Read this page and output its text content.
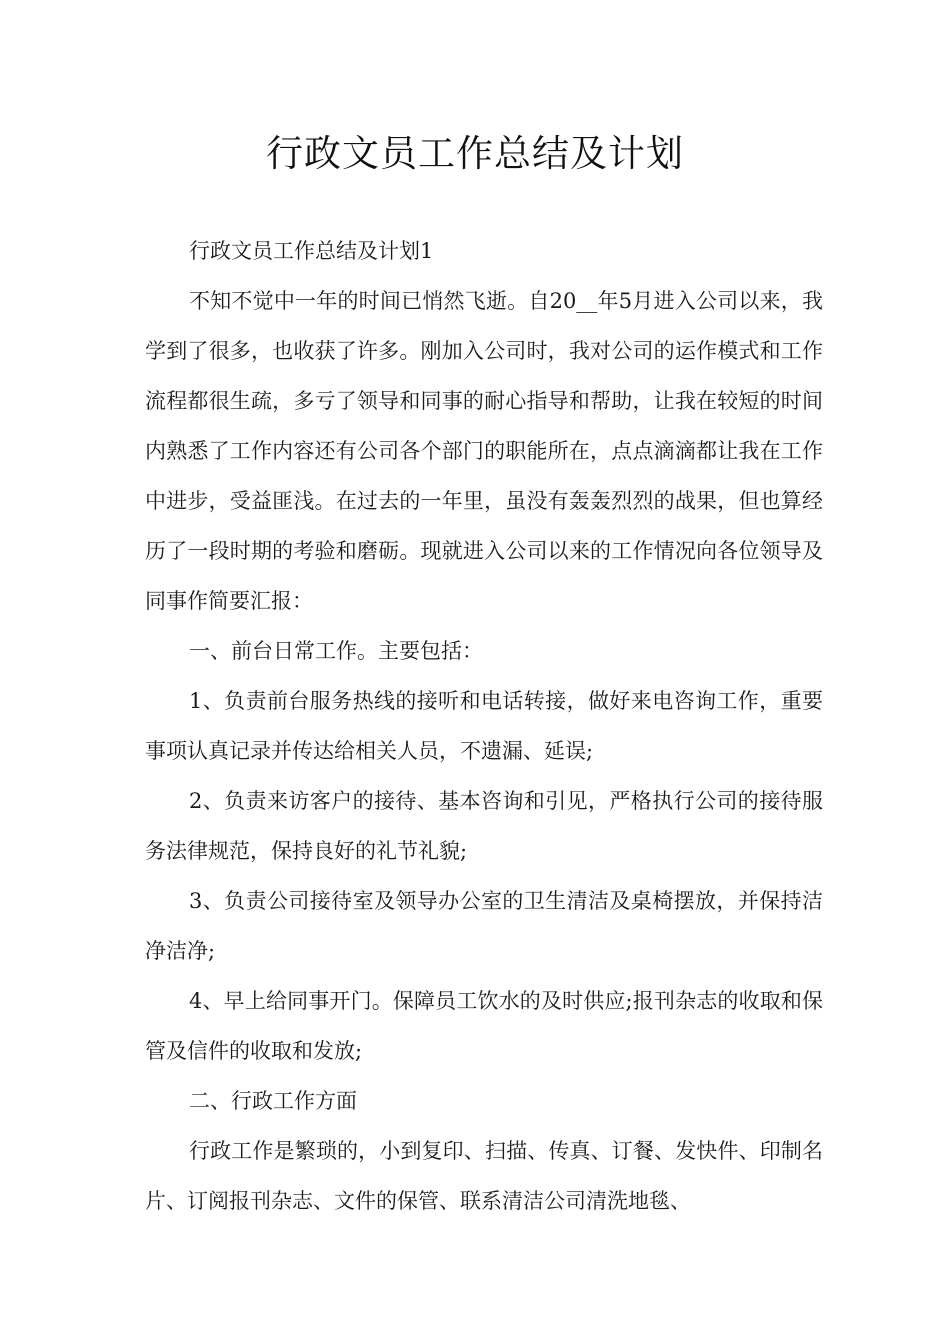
行政文员工作总结及计划

行政文员工作总结及计划1

不知不觉中一年的时间已悄然飞逝。自20__年5月进入公司以来，我学到了很多，也收获了许多。刚加入公司时，我对公司的运作模式和工作流程都很生疏，多亏了领导和同事的耐心指导和帮助，让我在较短的时间内熟悉了工作内容还有公司各个部门的职能所在，点点滴滴都让我在工作中进步，受益匪浅。在过去的一年里，虽没有轰轰烈烈的战果，但也算经历了一段时期的考验和磨砺。现就进入公司以来的工作情况向各位领导及同事作简要汇报：

一、前台日常工作。主要包括：

1、负责前台服务热线的接听和电话转接，做好来电咨询工作，重要事项认真记录并传达给相关人员，不遗漏、延误;

2、负责来访客户的接待、基本咨询和引见，严格执行公司的接待服务法律规范，保持良好的礼节礼貌;

3、负责公司接待室及领导办公室的卫生清洁及桌椅摆放，并保持洁净洁净;

4、早上给同事开门。保障员工饮水的及时供应;报刊杂志的收取和保管及信件的收取和发放;

二、行政工作方面

行政工作是繁琐的，小到复印、扫描、传真、订餐、发快件、印制名片、订阅报刊杂志、文件的保管、联系清洁公司清洗地毯、
